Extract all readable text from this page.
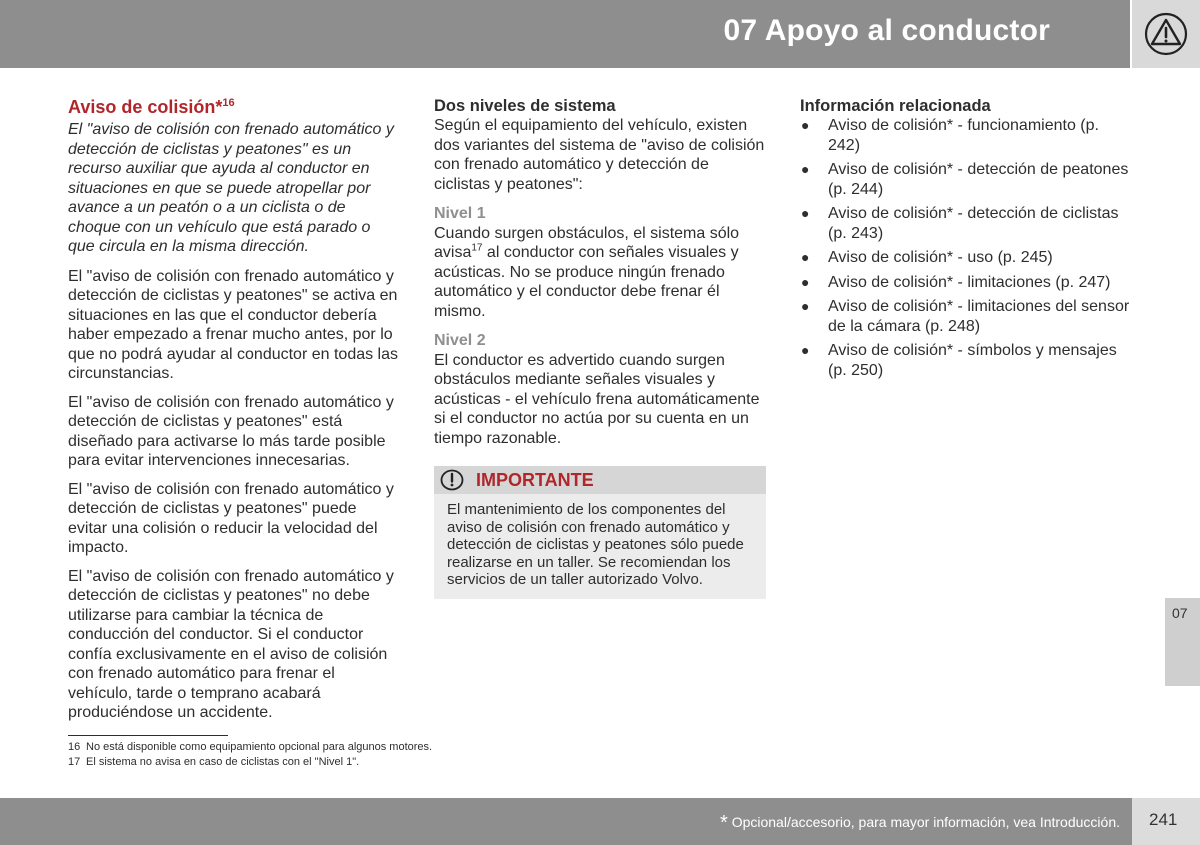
07 Apoyo al conductor
Aviso de colisión*$^{16}$

El "aviso de colisión con frenado automático y detección de ciclistas y peatones" es un recurso auxiliar que ayuda al conductor en situaciones en que se puede atropellar por avance a un peatón o a un ciclista o de choque con un vehículo que está parado o que circula en la misma dirección.

El "aviso de colisión con frenado automático y detección de ciclistas y peatones" se activa en situaciones en las que el conductor debería haber empezado a frenar mucho antes, por lo que no podrá ayudar al conductor en todas las circunstancias.

El "aviso de colisión con frenado automático y detección de ciclistas y peatones" está diseñado para activarse lo más tarde posible para evitar intervenciones innecesarias.

El "aviso de colisión con frenado automático y detección de ciclistas y peatones" puede evitar una colisión o reducir la velocidad del impacto.

El "aviso de colisión con frenado automático y detección de ciclistas y peatones" no debe utilizarse para cambiar la técnica de conducción del conductor. Si el conductor confía exclusivamente en el aviso de colisión con frenado automático para frenar el vehículo, tarde o temprano acabará produciéndose un accidente.

Dos niveles de sistema

Según el equipamiento del vehículo, existen dos variantes del sistema de "aviso de colisión con frenado automático y detección de ciclistas y peatones":

Nivel 1

Cuando surgen obstáculos, el sistema sólo avisa$^{17}$ al conductor con señales visuales y acústicas. No se produce ningún frenado automático y el conductor debe frenar él mismo.

Nivel 2

El conductor es advertido cuando surgen obstáculos mediante señales visuales y acústicas - el vehículo frena automáticamente si el conductor no actúa por su cuenta en un tiempo razonable.

IMPORTANTE
El mantenimiento de los componentes del aviso de colisión con frenado automático y detección de ciclistas y peatones sólo puede realizarse en un taller. Se recomiendan los servicios de un taller autorizado Volvo.
Información relacionada
● Aviso de colisión* - funcionamiento (p. 242)
● Aviso de colisión* - detección de peatones (p. 244)
● Aviso de colisión* - detección de ciclistas (p. 243)
● Aviso de colisión* - uso (p. 245)
● Aviso de colisión* - limitaciones (p. 247)
● Aviso de colisión* - limitaciones del sensor de la cámara (p. 248)
● Aviso de colisión* - símbolos y mensajes (p. 250)
16 No está disponible como equipamiento opcional para algunos motores.
17 El sistema no avisa en caso de ciclistas con el "Nivel 1".
07
* Opcional/accesorio, para mayor información, vea Introducción. 241
